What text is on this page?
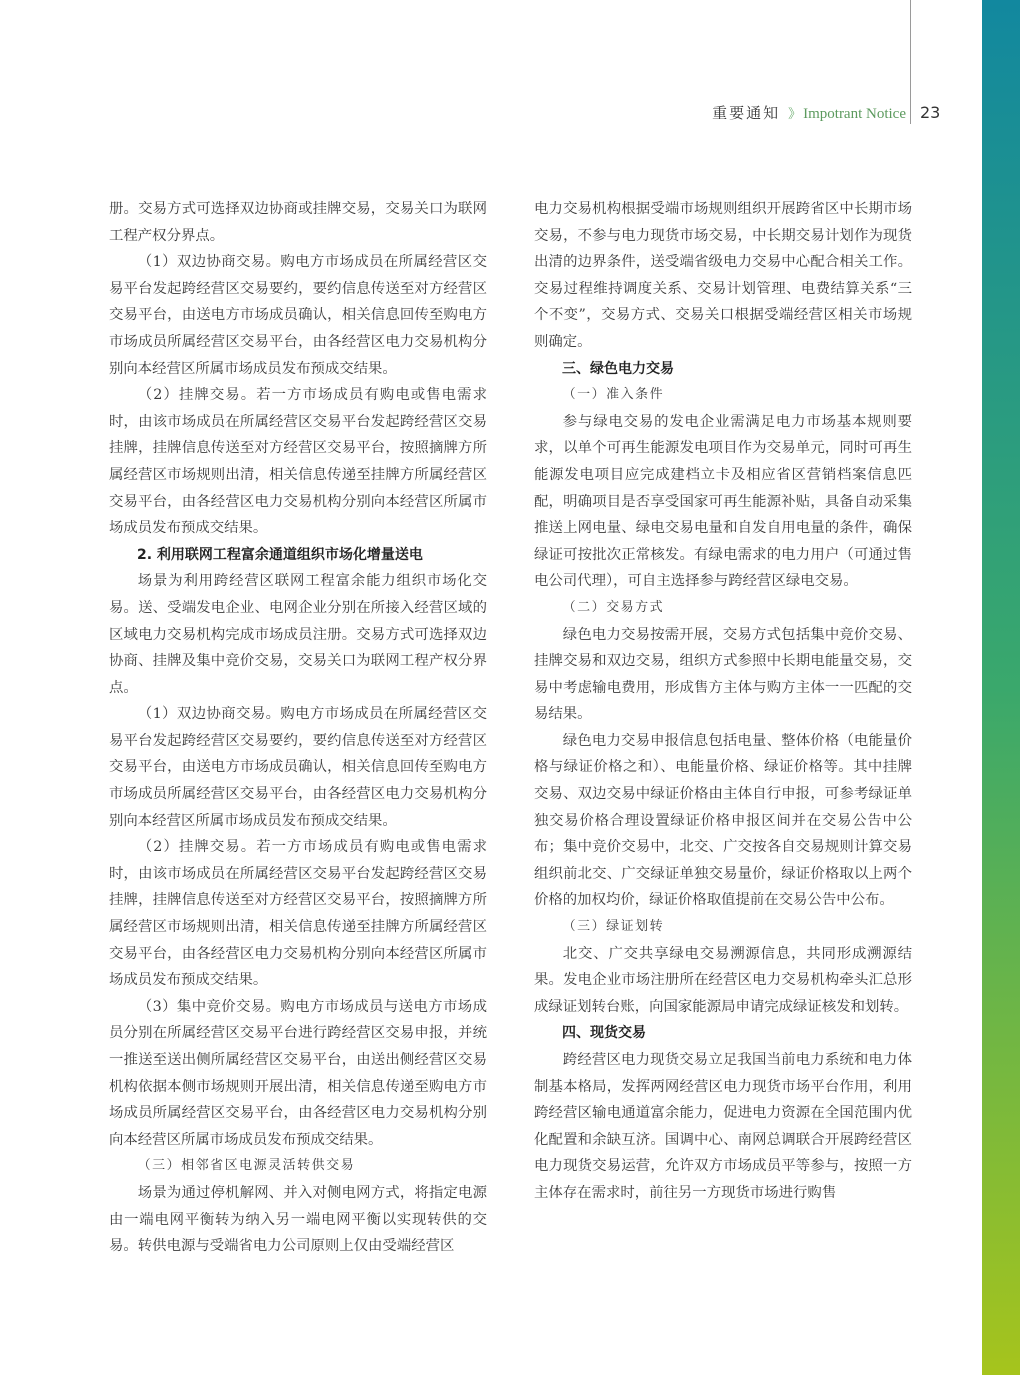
重要通知 》 Impotrant Notice 23

册。交易方式可选择双边协商或挂牌交易，交易关口为联网工程产权分界点。

（1）双边协商交易。购电方市场成员在所属经营区交易平台发起跨经营区交易要约，要约信息传送至对方经营区交易平台，由送电方市场成员确认，相关信息回传至购电方市场成员所属经营区交易平台，由各经营区电力交易机构分别向本经营区所属市场成员发布预成交结果。

（2）挂牌交易。若一方市场成员有购电或售电需求时，由该市场成员在所属经营区交易平台发起跨经营区交易挂牌，挂牌信息传送至对方经营区交易平台，按照摘牌方所属经营区市场规则出清，相关信息传递至挂牌方所属经营区交易平台，由各经营区电力交易机构分别向本经营区所属市场成员发布预成交结果。

2. 利用联网工程富余通道组织市场化增量送电

场景为利用跨经营区联网工程富余能力组织市场化交易。送、受端发电企业、电网企业分别在所接入经营区域的区域电力交易机构完成市场成员注册。交易方式可选择双边协商、挂牌及集中竞价交易，交易关口为联网工程产权分界点。

（1）双边协商交易。购电方市场成员在所属经营区交易平台发起跨经营区交易要约，要约信息传送至对方经营区交易平台，由送电方市场成员确认，相关信息回传至购电方市场成员所属经营区交易平台，由各经营区电力交易机构分别向本经营区所属市场成员发布预成交结果。

（2）挂牌交易。若一方市场成员有购电或售电需求时，由该市场成员在所属经营区交易平台发起跨经营区交易挂牌，挂牌信息传送至对方经营区交易平台，按照摘牌方所属经营区市场规则出清，相关信息传递至挂牌方所属经营区交易平台，由各经营区电力交易机构分别向本经营区所属市场成员发布预成交结果。

（3）集中竞价交易。购电方市场成员与送电方市场成员分别在所属经营区交易平台进行跨经营区交易申报，并统一推送至送出侧所属经营区交易平台，由送出侧经营区交易机构依据本侧市场规则开展出清，相关信息传递至购电方市场成员所属经营区交易平台，由各经营区电力交易机构分别向本经营区所属市场成员发布预成交结果。

（三）相邻省区电源灵活转供交易

场景为通过停机解网、并入对侧电网方式，将指定电源由一端电网平衡转为纳入另一端电网平衡以实现转供的交易。转供电源与受端省电力公司原则上仅由受端经营区

电力交易机构根据受端市场规则组织开展跨省区中长期市场交易，不参与电力现货市场交易，中长期交易计划作为现货出清的边界条件，送受端省级电力交易中心配合相关工作。交易过程维持调度关系、交易计划管理、电费结算关系“三个不变”，交易方式、交易关口根据受端经营区相关市场规则确定。

三、绿色电力交易
（一）准入条件

参与绿电交易的发电企业需满足电力市场基本规则要求，以单个可再生能源发电项目作为交易单元，同时可再生能源发电项目应完成建档立卡及相应省区营销档案信息匹配，明确项目是否享受国家可再生能源补贴，具备自动采集推送上网电量、绿电交易电量和自发自用电量的条件，确保绿证可按批次正常核发。有绿电需求的电力用户（可通过售电公司代理），可自主选择参与跨经营区绿电交易。

（二）交易方式

绿色电力交易按需开展，交易方式包括集中竞价交易、挂牌交易和双边交易，组织方式参照中长期电能量交易，交易中考虑输电费用，形成售方主体与购方主体一一匹配的交易结果。

绿色电力交易申报信息包括电量、整体价格（电能量价格与绿证价格之和）、电能量价格、绿证价格等。其中挂牌交易、双边交易中绿证价格由主体自行申报，可参考绿证单独交易价格合理设置绿证价格申报区间并在交易公告中公布；集中竞价交易中，北交、广交按各自交易规则计算交易组织前北交、广交绿证单独交易量价，绿证价格取以上两个价格的加权均价，绿证价格取值提前在交易公告中公布。

（三）绿证划转

北交、广交共享绿电交易溯源信息，共同形成溯源结果。发电企业市场注册所在经营区电力交易机构牵头汇总形成绿证划转台账，向国家能源局申请完成绿证核发和划转。

四、现货交易

跨经营区电力现货交易立足我国当前电力系统和电力体制基本格局，发挥两网经营区电力现货市场平台作用，利用跨经营区输电通道富余能力，促进电力资源在全国范围内优化配置和余缺互济。国调中心、南网总调联合开展跨经营区电力现货交易运营，允许双方市场成员平等参与，按照一方主体存在需求时，前往另一方现货市场进行购售
